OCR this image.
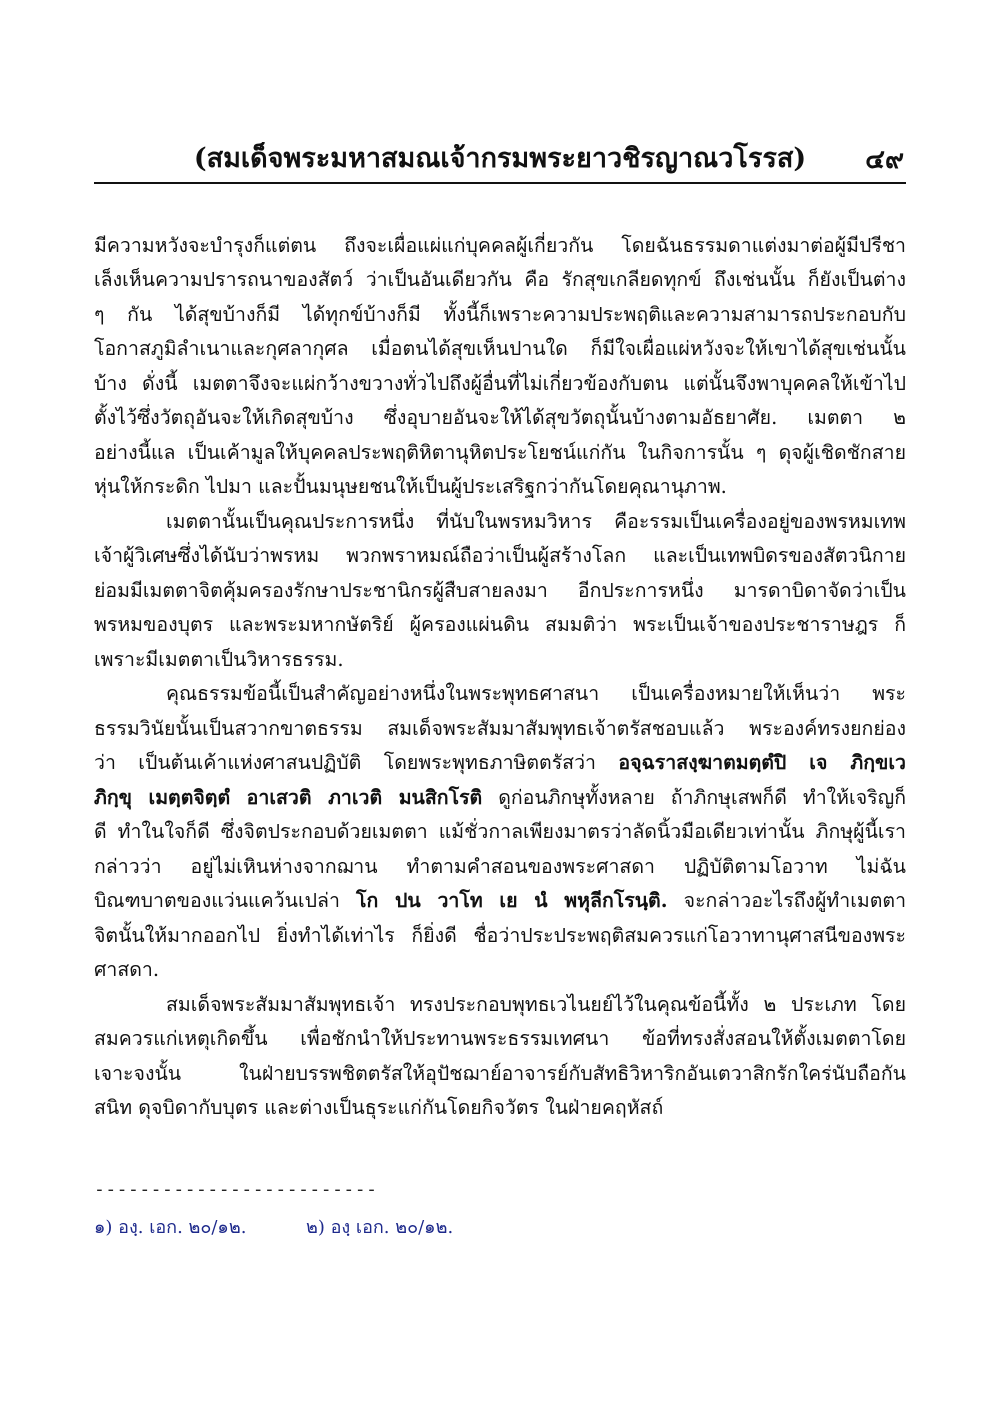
(สมเด็จพระมหาสมณเจ้ากรมพระยาวชิรญาณวโรรส)	๔๙
มีความหวังจะบำรุงก็แต่ตน ถึงจะเผื่อแผ่แก่บุคคลผู้เกี่ยวกัน โดยฉันธรรมดาแต่งมาต่อผู้มีปรีชา
เล็งเห็นความปรารถนาของสัตว์ ว่าเป็นอันเดียวกัน คือ รักสุขเกลียดทุกข์ ถึงเช่นนั้น ก็ยังเป็นต่าง
ๆ กัน ได้สุขบ้างก็มี ได้ทุกข์บ้างก็มี ทั้งนี้ก็เพราะความประพฤติและความสามารถประกอบกับ
โอกาสภูมิลำเนาและกุศลากุศล เมื่อตนได้สุขเห็นปานใด ก็มีใจเผื่อแผ่หวังจะให้เขาได้สุขเช่นนั้น
บ้าง ดั่งนี้ เมตตาจึงจะแผ่กว้างขวางทั่วไปถึงผู้อื่นที่ไม่เกี่ยวข้องกับตน แต่นั้นจึงพาบุคคลให้เข้าไป
ตั้งไว้ซึ่งวัตถุอันจะให้เกิดสุขบ้าง ซึ่งอุบายอันจะให้ได้สุขวัตถุนั้นบ้างตามอัธยาศัย. เมตตา ๒
อย่างนี้แล เป็นเค้ามูลให้บุคคลประพฤติหิตานุหิตประโยชน์แก่กัน ในกิจการนั้น ๆ ดุจผู้เชิดชักสาย
หุ่นให้กระดิก ไปมา และปั้นมนุษยชนให้เป็นผู้ประเสริฐกว่ากันโดยคุณานุภาพ.
เมตตานั้นเป็นคุณประการหนึ่ง ที่นับในพรหมวิหาร คือะรรมเป็นเครื่องอยู่ของพรหมเทพ
เจ้าผู้วิเศษซึ่งได้นับว่าพรหม พวกพราหมณ์ถือว่าเป็นผู้สร้างโลก และเป็นเทพบิดรของสัตวนิกาย
ย่อมมีเมตตาจิตคุ้มครองรักษาประชานิกรผู้สืบสายลงมา อีกประการหนึ่ง มารดาบิดาจัดว่าเป็น
พรหมของบุตร และพระมหากษัตริย์ ผู้ครองแผ่นดิน สมมติว่า พระเป็นเจ้าของประชาราษฎร ก็
เพราะมีเมตตาเป็นวิหารธรรม.
คุณธรรมข้อนี้เป็นสำคัญอย่างหนึ่งในพระพุทธศาสนา เป็นเครื่องหมายให้เห็นว่า พระ
ธรรมวินัยนั้นเป็นสวากขาตธรรม สมเด็จพระสัมมาสัมพุทธเจ้าตรัสชอบแล้ว พระองค์ทรงยกย่อง
ว่า เป็นต้นเค้าแห่งศาสนปฏิบัติ โดยพระพุทธภาษิตตรัสว่า อจฺฉราสงฺฆาตมตฺตํปิ เจ ภิกฺขเว
ภิกฺขุ เมตฺตจิตฺตํ อาเสวติ ภาเวติ มนสิกโรติ ดูก่อนภิกษุทั้งหลาย ถ้าภิกษุเสพก็ดี ทำให้เจริญก็
ดี ทำในใจก็ดี ซึ่งจิตประกอบด้วยเมตตา แม้ชั่วกาลเพียงมาตรว่าลัดนิ้วมือเดียวเท่านั้น ภิกษุผู้นี้เรา
กล่าวว่า อยู่ไม่เหินห่างจากฌาน ทำตามคำสอนของพระศาสดา ปฏิบัติตามโอวาท ไม่ฉัน
บิณฑบาตของแว่นแคว้นเปล่า โก ปน วาโท เย นํ พหุลีกโรนฺติ. จะกล่าวอะไรถึงผู้ทำเมตตา
จิตนั้นให้มากออกไป ยิ่งทำได้เท่าไร ก็ยิ่งดี ชื่อว่าประประพฤติสมควรแก่โอวาทานุศาสนีของพระ
ศาสดา.
สมเด็จพระสัมมาสัมพุทธเจ้า ทรงประกอบพุทธเวไนยย์ไว้ในคุณข้อนี้ทั้ง ๒ ประเภท โดย
สมควรแก่เหตุเกิดขึ้น เพื่อชักนำให้ประทานพระธรรมเทศนา ข้อที่ทรงสั่งสอนให้ตั้งเมตตาโดย
เจาะจงนั้น ในฝ่ายบรรพชิตตรัสให้อุปัชฌาย์อาจารย์กับสัทธิวิหาริกอันเตวาสิกรักใคร่นับถือกัน
สนิท ดุจบิดากับบุตร และต่างเป็นธุระแก่กันโดยกิจวัตร ในฝ่ายคฤหัสถ์
-------------------------
๑) องฺ. เอก. ๒๐/๑๒.	๒) องฺ เอก. ๒๐/๑๒.
